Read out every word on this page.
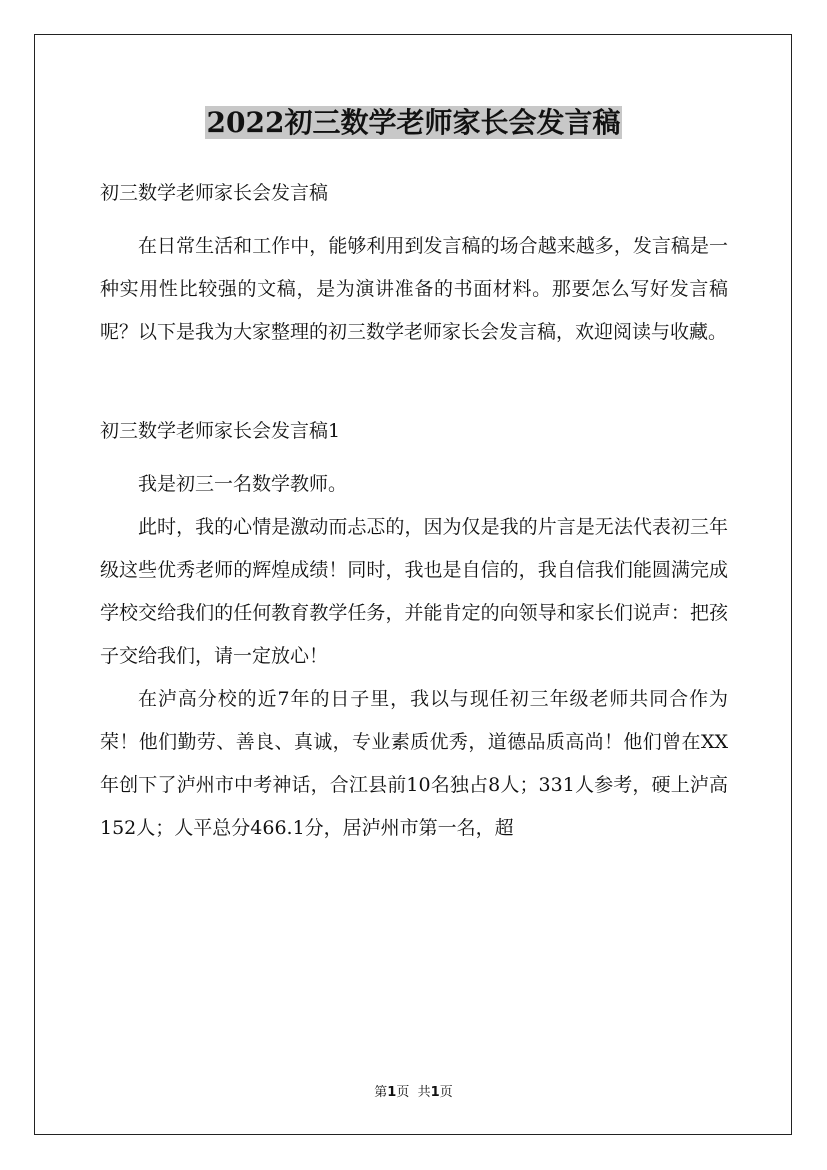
2022初三数学老师家长会发言稿
初三数学老师家长会发言稿

在日常生活和工作中，能够利用到发言稿的场合越来越多，发言稿是一种实用性比较强的文稿，是为演讲准备的书面材料。那要怎么写好发言稿呢？以下是我为大家整理的初三数学老师家长会发言稿，欢迎阅读与收藏。

初三数学老师家长会发言稿1

我是初三一名数学教师。

此时，我的心情是激动而忐忑的，因为仅是我的片言是无法代表初三年级这些优秀老师的辉煌成绩！同时，我也是自信的，我自信我们能圆满完成学校交给我们的任何教育教学任务，并能肯定的向领导和家长们说声：把孩子交给我们，请一定放心！

在泸高分校的近7年的日子里，我以与现任初三年级老师共同合作为荣！他们勤劳、善良、真诚，专业素质优秀，道德品质高尚！他们曾在XX年创下了泸州市中考神话，合江县前10名独占8人；331人参考，硬上泸高152人；人平总分466.1分，居泸州市第一名，超

第1页 共1页
